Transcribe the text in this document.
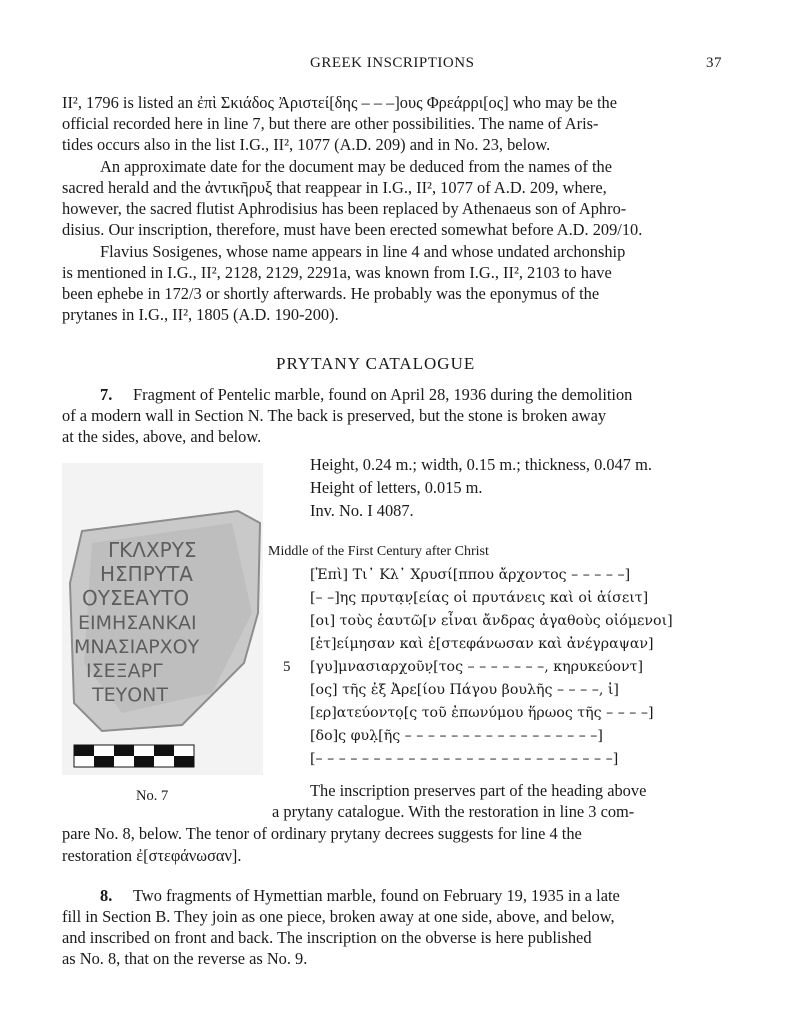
GREEK INSCRIPTIONS	37
II², 1796 is listed an ἐπὶ Σκιάδος Ἀριστεί[δης – – –]ους Φρεάρρι[ος] who may be the
official recorded here in line 7, but there are other possibilities. The name of Aris-
tides occurs also in the list I.G., II², 1077 (A.D. 209) and in No. 23, below.
An approximate date for the document may be deduced from the names of the
sacred herald and the ἀντικῆρυξ that reappear in I.G., II², 1077 of A.D. 209, where,
however, the sacred flutist Aphrodisius has been replaced by Athenaeus son of Aphro-
disius. Our inscription, therefore, must have been erected somewhat before A.D. 209/10.
Flavius Sosigenes, whose name appears in line 4 and whose undated archonship
is mentioned in I.G., II², 2128, 2129, 2291a, was known from I.G., II², 2103 to have
been ephebe in 172/3 or shortly afterwards. He probably was the eponymus of the
prytanes in I.G., II², 1805 (A.D. 190-200).
PRYTANY CATALOGUE
7. Fragment of Pentelic marble, found on April 28, 1936 during the demolition
of a modern wall in Section N. The back is preserved, but the stone is broken away
at the sides, above, and below.
ΓΚΛΧΡΥΣ
ΗΣΠΡΥΤΑ
ΟΥΣΕΑΥΤΟ
ΕΙΜΗΣΑΝΚΑΙ
ΜΝΑΣΙΑΡΧΟΥ
ΙΣΕΞΑΡΓ
ΤΕΥΟΝΤ
No. 7
Height, 0.24 m.; width, 0.15 m.; thickness, 0.047 m.
Height of letters, 0.015 m.
Inv. No. I 4087.
Middle of the First Century after Christ
[Ἐπὶ] Τι᾽ Κλ᾽ Χρυσί[ππου ἄρχοντος – – – – –]
[– –]ης πρυτα̣ν̣[είας οἱ πρυτάνεις καὶ οἱ ἀίσειτ]
[οι] τοὺς ἑαυτῶ[ν εἶναι ἄνδρας ἀγαθοὺς οἰόμενοι]
[ἐτ]είμησαν καὶ ἐ[στεφάνωσαν καὶ ἀνέγραψαν]
5 [γυ]μνασιαρχοῦν̣[τος – – – – – – –, κηρυκεύοντ]
[ος] τῆς ἐξ Ἀρε[ίου Πάγου βουλῆς – – – –, ἱ]
[ερ]ατεύοντο̣[ς τοῦ ἐπωνύμου ἥρωος τῆς – – – –]
[δο]ς φυλ̣[ῆς – – – – – – – – – – – – – – – – –]
[– – – – – – – – – – – – – – – – – – – – – – – – – –]
The inscription preserves part of the heading above
a prytany catalogue. With the restoration in line 3 com-
pare No. 8, below. The tenor of ordinary prytany decrees suggests for line 4 the
restoration ἐ[στεφάνωσαν].
8. Two fragments of Hymettian marble, found on February 19, 1935 in a late
fill in Section B. They join as one piece, broken away at one side, above, and below,
and inscribed on front and back. The inscription on the obverse is here published
as No. 8, that on the reverse as No. 9.
